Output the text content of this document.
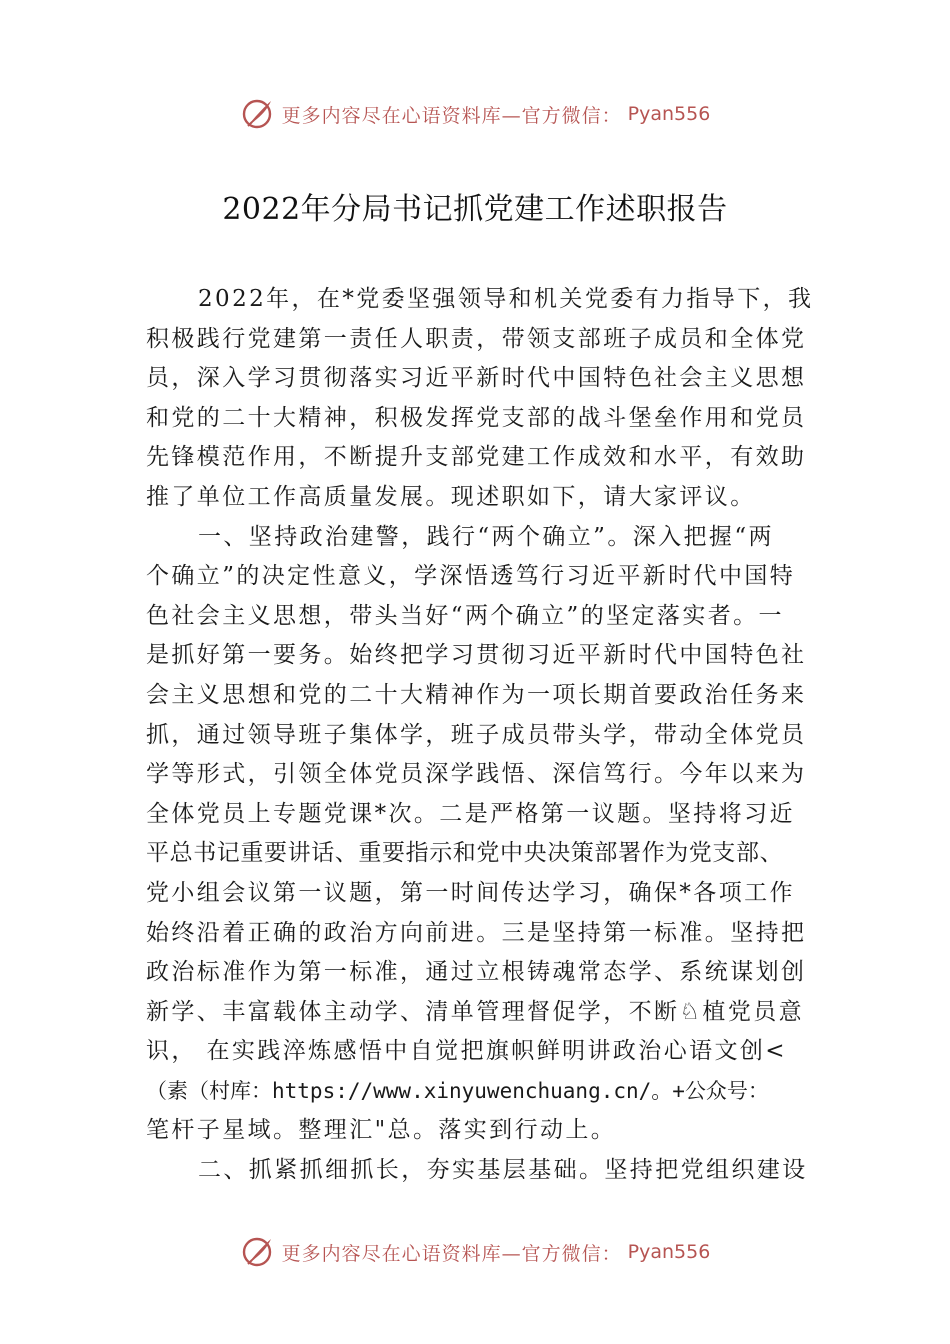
更多内容尽在心语资料库—官方微信： Pyan556
2022年分局书记抓党建工作述职报告
2022年，在*党委坚强领导和机关党委有力指导下，我
积极践行党建第一责任人职责，带领支部班子成员和全体党
员，深入学习贯彻落实习近平新时代中国特色社会主义思想
和党的二十大精神，积极发挥党支部的战斗堡垒作用和党员
先锋模范作用，不断提升支部党建工作成效和水平，有效助
推了单位工作高质量发展。现述职如下，请大家评议。
一、坚持政治建警，践行“两个确立”。深入把握“两
个确立”的决定性意义，学深悟透笃行习近平新时代中国特
色社会主义思想，带头当好“两个确立”的坚定落实者。一
是抓好第一要务。始终把学习贯彻习近平新时代中国特色社
会主义思想和党的二十大精神作为一项长期首要政治任务来
抓，通过领导班子集体学，班子成员带头学，带动全体党员
学等形式，引领全体党员深学践悟、深信笃行。今年以来为
全体党员上专题党课*次。二是严格第一议题。坚持将习近
平总书记重要讲话、重要指示和党中央决策部署作为党支部、
党小组会议第一议题，第一时间传达学习，确保*各项工作
始终沿着正确的政治方向前进。三是坚持第一标准。坚持把
政治标准作为第一标准，通过立根铸魂常态学、系统谋划创
新学、丰富载体主动学、清单管理督促学，不断♘植党员意
识， 在实践淬炼感悟中自觉把旗帜鲜明讲政治心语文创<
（素（村库：https://www.xinyuwenchuang.cn/。+公众号：
笔杆子星域。整理汇"总。落实到行动上。
二、抓紧抓细抓长，夯实基层基础。坚持把党组织建设
更多内容尽在心语资料库—官方微信： Pyan556
